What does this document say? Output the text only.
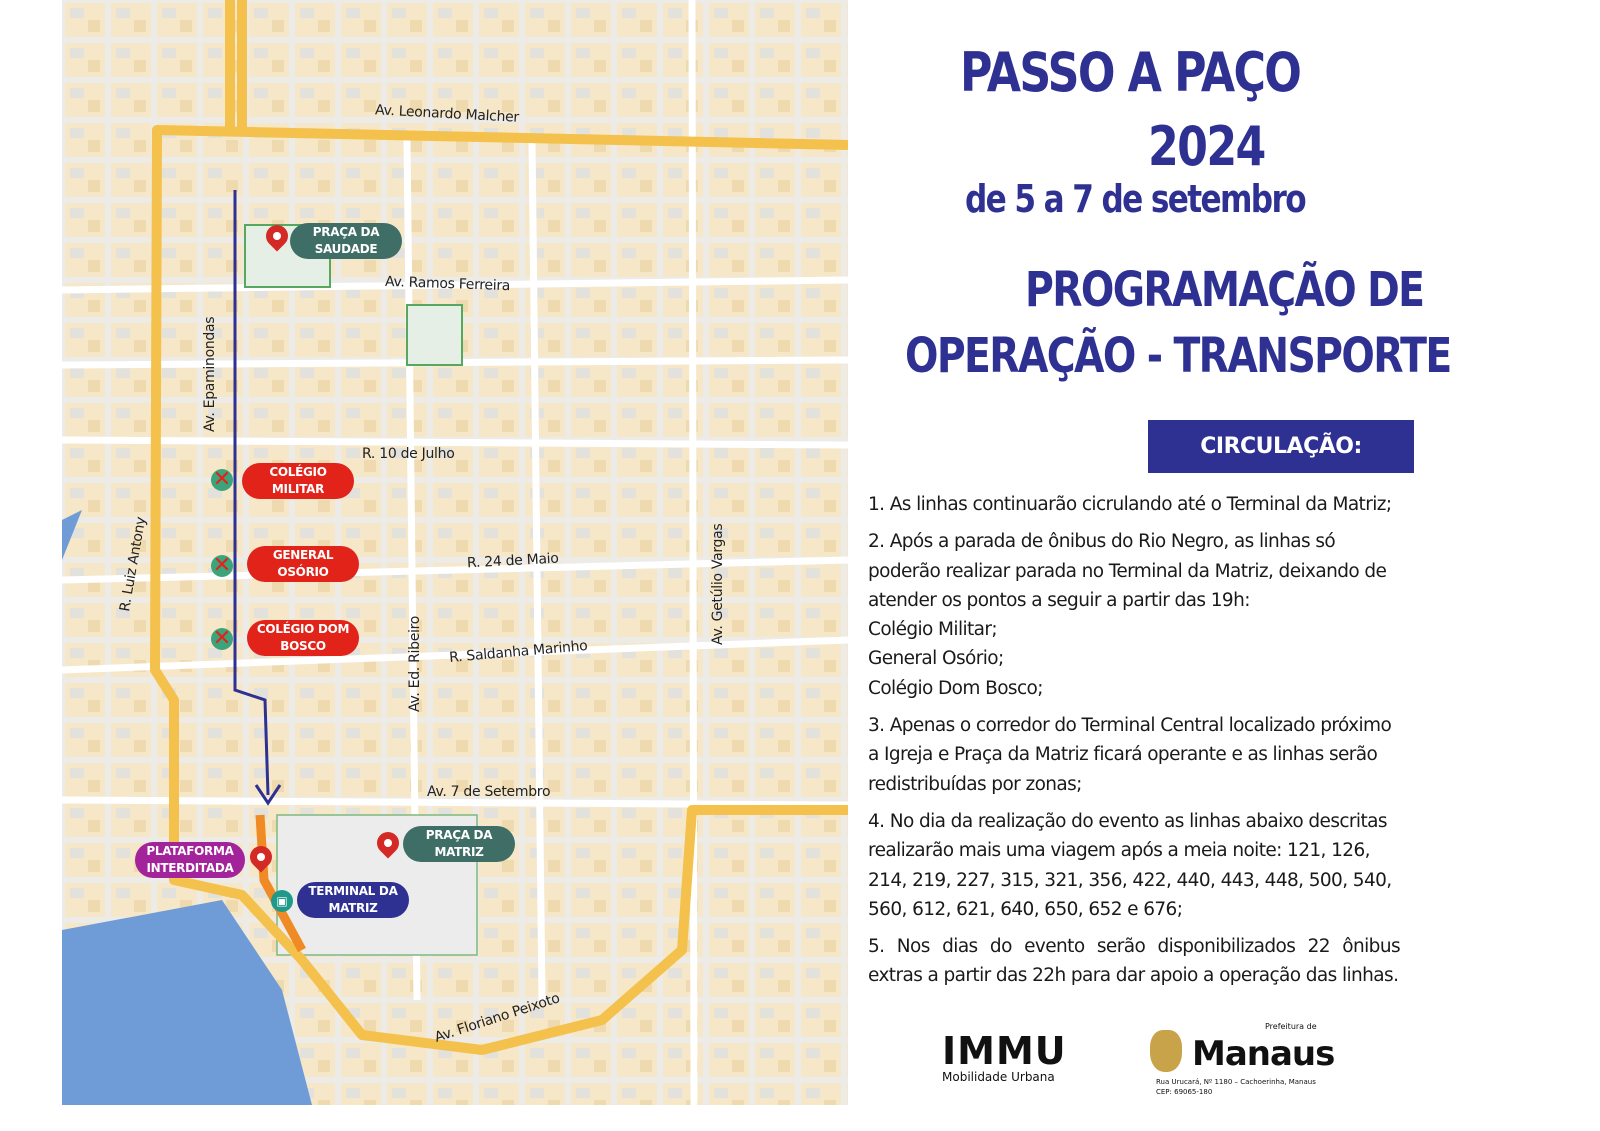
Av. Leonardo Malcher
Av. Ramos Ferreira
Av. Epaminondas
R. 10 de Julho
R. 24 de Maio
R. Saldanha Marinho
R. Luiz Antony
Av. Ed. Ribeiro
Av. Getúlio Vargas
Av. 7 de Setembro
Av. Floriano Peixoto
PRAÇA DA SAUDADE
✕	COLÉGIO MILITAR
✕	GENERAL OSÓRIO
✕	COLÉGIO DOM BOSCO
PRAÇA DA MATRIZ
PLATAFORMA INTERDITADA
▣
TERMINAL DA MATRIZ
PASSO A PAÇO
2024
de 5 a 7 de setembro
PROGRAMAÇÃO DE
OPERAÇÃO - TRANSPORTE
CIRCULAÇÃO:

1. As linhas continuarão cicrulando até o Terminal da Matriz;

2. Após a parada de ônibus do Rio Negro, as linhas só poderão realizar parada no Terminal da Matriz, deixando de atender os pontos a seguir a partir das 19h:
Colégio Militar;
General Osório;

Colégio Dom Bosco;

3. Apenas o corredor do Terminal Central localizado próximo a Igreja e Praça da Matriz ficará operante e as linhas serão redistribuídas por zonas;

4. No dia da realização do evento as linhas abaixo descritas realizarão mais uma viagem após a meia noite: 121, 126, 214, 219, 227, 315, 321, 356, 422, 440, 443, 448, 500, 540, 560, 612, 621, 640, 650, 652 e 676;

5. Nos dias do evento serão disponibilizados 22 ônibus extras a partir das 22h para dar apoio a operação das linhas.

IMMU
Mobilidade Urbana
Prefeitura de
Manaus
Rua Urucará, Nº 1180 – Cachoerinha, Manaus
CEP: 69065-180
